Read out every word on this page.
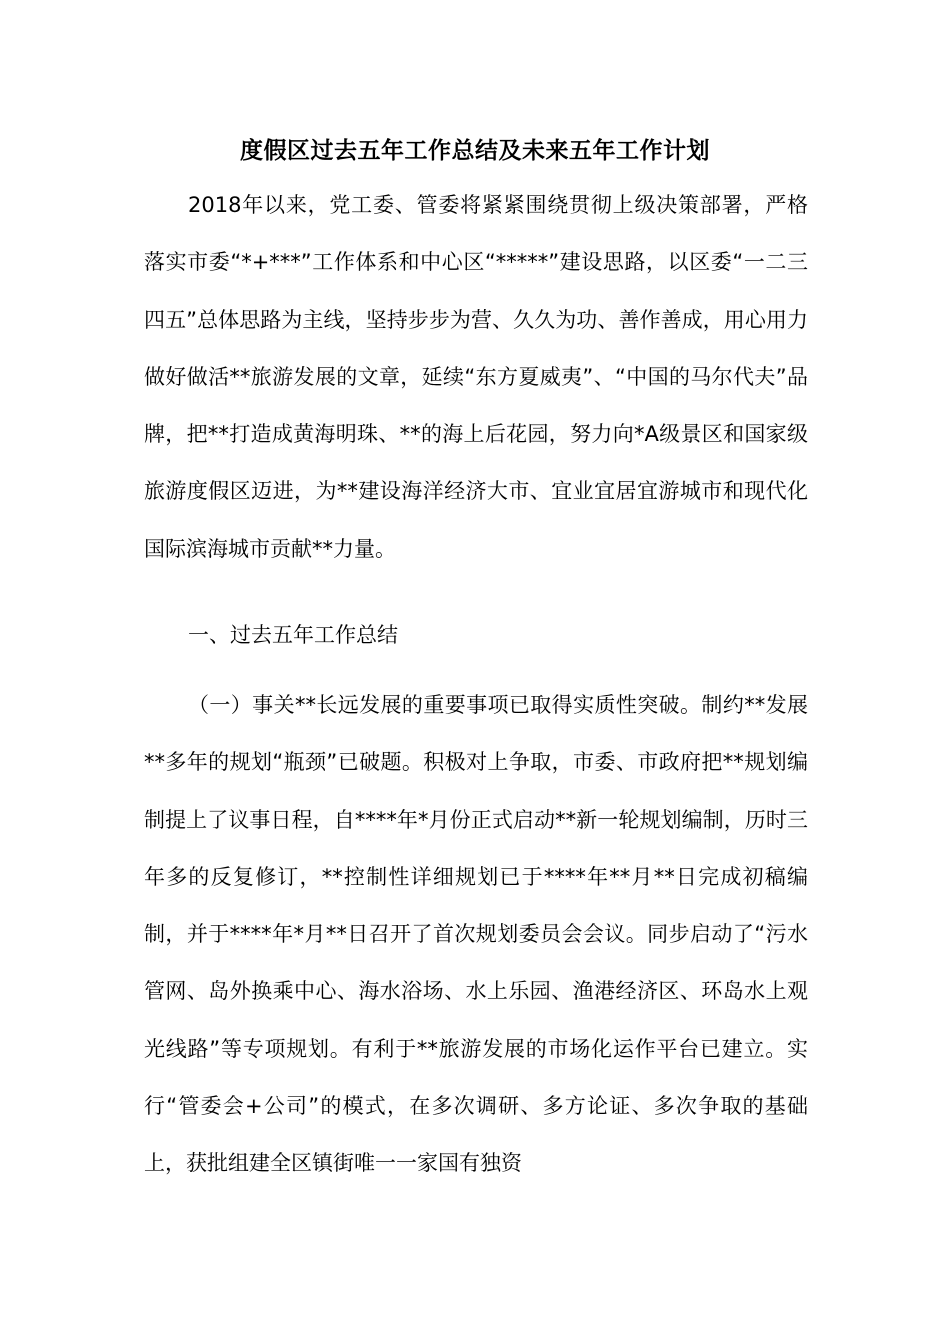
度假区过去五年工作总结及未来五年工作计划

2018年以来，党工委、管委将紧紧围绕贯彻上级决策部署，严格落实市委“*+***”工作体系和中心区“*****”建设思路，以区委“一二三四五”总体思路为主线，坚持步步为营、久久为功、善作善成，用心用力做好做活**旅游发展的文章，延续“东方夏威夷”、“中国的马尔代夫”品牌，把**打造成黄海明珠、**的海上后花园，努力向*A级景区和国家级旅游度假区迈进，为**建设海洋经济大市、宜业宜居宜游城市和现代化国际滨海城市贡献**力量。

一、过去五年工作总结

（一）事关**长远发展的重要事项已取得实质性突破。制约**发展**多年的规划“瓶颈”已破题。积极对上争取，市委、市政府把**规划编制提上了议事日程，自****年*月份正式启动**新一轮规划编制，历时三年多的反复修订，**控制性详细规划已于****年**月**日完成初稿编制，并于****年*月**日召开了首次规划委员会会议。同步启动了“污水管网、岛外换乘中心、海水浴场、水上乐园、渔港经济区、环岛水上观光线路”等专项规划。有利于**旅游发展的市场化运作平台已建立。实行“管委会+公司”的模式，在多次调研、多方论证、多次争取的基础上，获批组建全区镇街唯一一家国有独资
